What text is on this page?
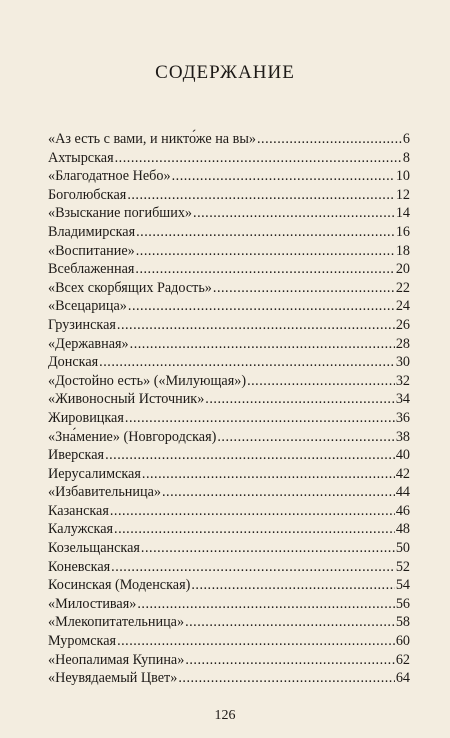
СОДЕРЖАНИЕ
«Аз есть с вами, и никто́же на вы» .....	6
Ахтырская .....	8
«Благодатное Небо» .....	10
Боголюбская .....	12
«Взыскание погибших» .....	14
Владимирская .....	16
«Воспитание» .....	18
Всеблаженная .....	20
«Всех скорбящих Радость» .....	22
«Всецарица» .....	24
Грузинская .....	26
«Державная» .....	28
Донская .....	30
«Достойно есть» («Милующая») .....	32
«Живоносный Источник» .....	34
Жировицкая .....	36
«Зна́мение» (Новгородская) .....	38
Иверская .....	40
Иерусалимская .....	42
«Избавительница» .....	44
Казанская .....	46
Калужская .....	48
Козельщанская .....	50
Коневская .....	52
Косинская (Моденская) .....	54
«Милостивая» .....	56
«Млекопитательница» .....	58
Муромская .....	60
«Неопалимая Купина» .....	62
«Неувядаемый Цвет» .....	64
126
